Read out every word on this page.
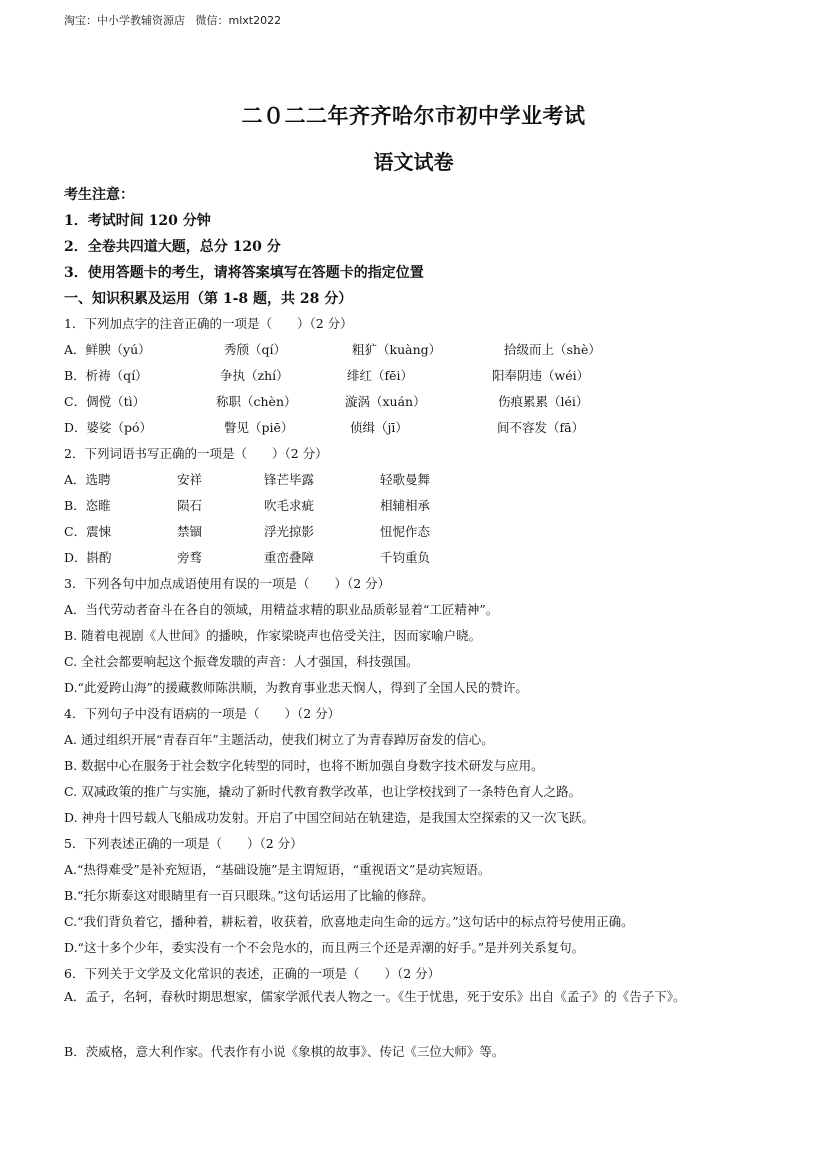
淘宝：中小学教辅资源店   微信：mlxt2022
二０二二年齐齐哈尔市初中学业考试
语文试卷
考生注意：
1．考试时间 120 分钟
2．全卷共四道大题，总分 120 分
3．使用答题卡的考生，请将答案填写在答题卡的指定位置
一、知识积累及运用（第 1-8 题，共 28 分）
1．下列加点字的注音正确的一项是（　　）（2 分）
A．鲜腴（yú）	秀颀（qí）	粗犷（kuàng）	拾级而上（shè）
B．析祷（qí）	争执（zhí）	绯红（fēi）	阳奉阴违（wéi）
C．倜傥（tì）	称职（chèn）	漩涡（xuán）	伤痕累累（léi）
D．婆娑（pó）	瞥见（piē）	侦缉（jī）	间不容发（fā）
2．下列词语书写正确的一项是（　　）（2 分）
A．选聘	安祥	锋芒毕露	轻歌曼舞
B．恣睢	陨石	吹毛求疵	相辅相承
C．震悚	禁锢	浮光掠影	忸怩作态
D．斟酌	旁骛	重峦叠障	千钧重负
3．下列各句中加点成语使用有误的一项是（　　）（2 分）
A．当代劳动者奋斗在各自的领域，用精益求精的职业品质彰显着“工匠精神”。
B. 随着电视剧《人世间》的播映，作家梁晓声也倍受关注，因而家喻户晓。
C. 全社会都要响起这个振聋发聩的声音：人才强国，科技强国。
D.“此爱跨山海”的援藏教师陈洪顺，为教育事业悲天悯人，得到了全国人民的赞许。
4．下列句子中没有语病的一项是（　　）（2 分）
A. 通过组织开展“青春百年”主题活动，使我们树立了为青春踔厉奋发的信心。
B. 数据中心在服务于社会数字化转型的同时，也将不断加强自身数字技术研发与应用。
C. 双减政策的推广与实施，撬动了新时代教育教学改革，也让学校找到了一条特色育人之路。
D. 神舟十四号载人飞船成功发射。开启了中国空间站在轨建造，是我国太空探索的又一次飞跃。
5．下列表述正确的一项是（　　）（2 分）
A.“热得难受”是补充短语，“基础设施”是主谓短语，“重视语文”是动宾短语。
B.“托尔斯泰这对眼睛里有一百只眼珠。”这句话运用了比输的修辞。
C.“我们背负着它，播种着，耕耘着，收获着，欣喜地走向生命的远方。”这句话中的标点符号使用正确。
D.“这十多个少年，委实没有一个不会凫水的，而且两三个还是弄潮的好手。”是并列关系复句。
6．下列关于文学及文化常识的表述，正确的一项是（　　）（2 分）
A．孟子，名轲，春秋时期思想家，儒家学派代表人物之一。《生于忧患，死于安乐》出自《孟子》的《告子下》。
B．茨威格，意大利作家。代表作有小说《象棋的故事》、传记《三位大师》等。
